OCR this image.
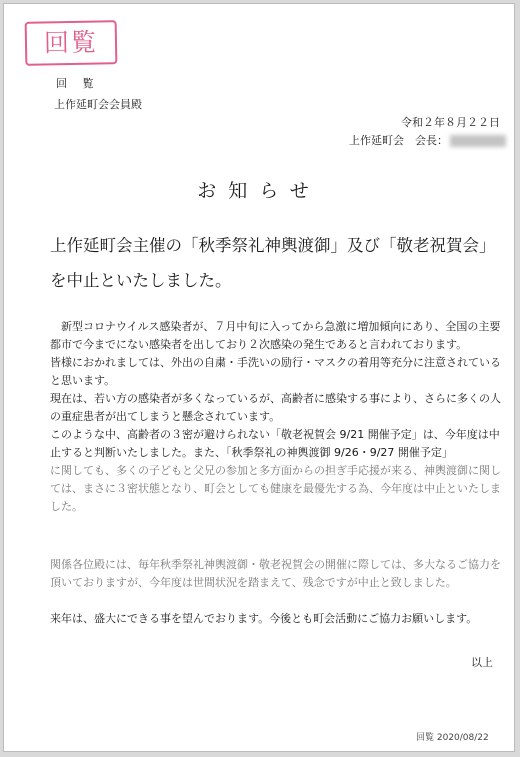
回覧
回 覧
上作延町会会員殿
令和２年８月２２日
上作延町会　会長：
お知らせ
上作延町会主催の「秋季祭礼神輿渡御」及び「敬老祝賀会」
を中止といたしました。
　新型コロナウイルス感染者が、７月中旬に入ってから急激に増加傾向にあり、全国の主要都市で今までにない感染者を出しており２次感染の発生であると言われております。
皆様におかれましては、外出の自粛・手洗いの励行・マスクの着用等充分に注意されていると思います。
現在は、若い方の感染者が多くなっているが、高齢者に感染する事により、さらに多くの人の重症患者が出てしまうと懸念されています。
このような中、高齢者の３密が避けられない「敬老祝賀会 9/21 開催予定」は、今年度は中止すると判断いたしました。また、「秋季祭礼の神輿渡御 9/26・9/27 開催予定」
に関しても、多くの子どもと父兄の参加と多方面からの担ぎ手応援が来る、神輿渡御に関しては、まさに３密状態となり、町会としても健康を最優先する為、今年度は中止といたしました。
関係各位殿には、毎年秋季祭礼神輿渡御・敬老祝賀会の開催に際しては、多大なるご協力を頂いておりますが、今年度は世間状況を踏まえて、残念ですが中止と致しました。
来年は、盛大にできる事を望んでおります。今後とも町会活動にご協力お願いします。
以上
回覧 2020/08/22
